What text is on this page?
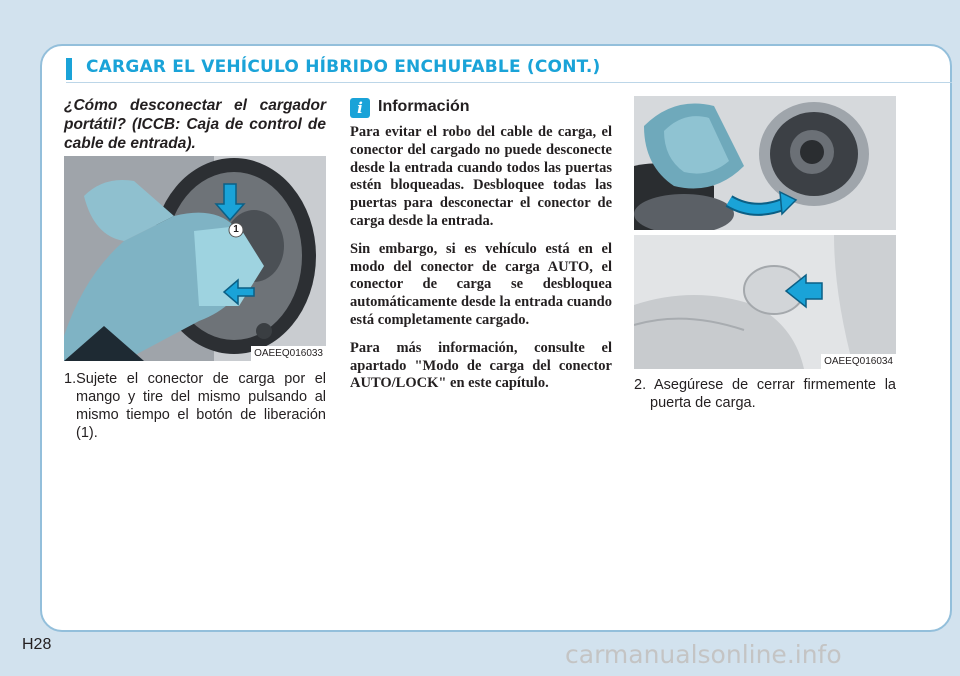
CARGAR EL VEHÍCULO HÍBRIDO ENCHUFABLE (CONT.)
¿Cómo desconectar el cargador portátil? (ICCB: Caja de control de cable de entrada).
1
OAEEQ016033
1.Sujete el conector de carga por el mango y tire del mismo pulsando al mismo tiempo el botón de liberación (1).
i Información

Para evitar el robo del cable de carga, el conector del cargado no puede desconecte desde la entrada cuando todos las puertas estén bloqueadas. Desbloquee todas las puertas para desconectar el conector de carga desde la entrada.

Sin embargo, si es vehículo está en el modo del conector de carga AUTO, el conector de carga se desbloquea automáticamente desde la entrada cuando está completamente cargado.

Para más información, consulte el apartado "Modo de carga del conector AUTO/LOCK" en este capítulo.

OAEEQ016034
2. Asegúrese de cerrar firmemente la puerta de carga.
H28	carmanualsonline.info
